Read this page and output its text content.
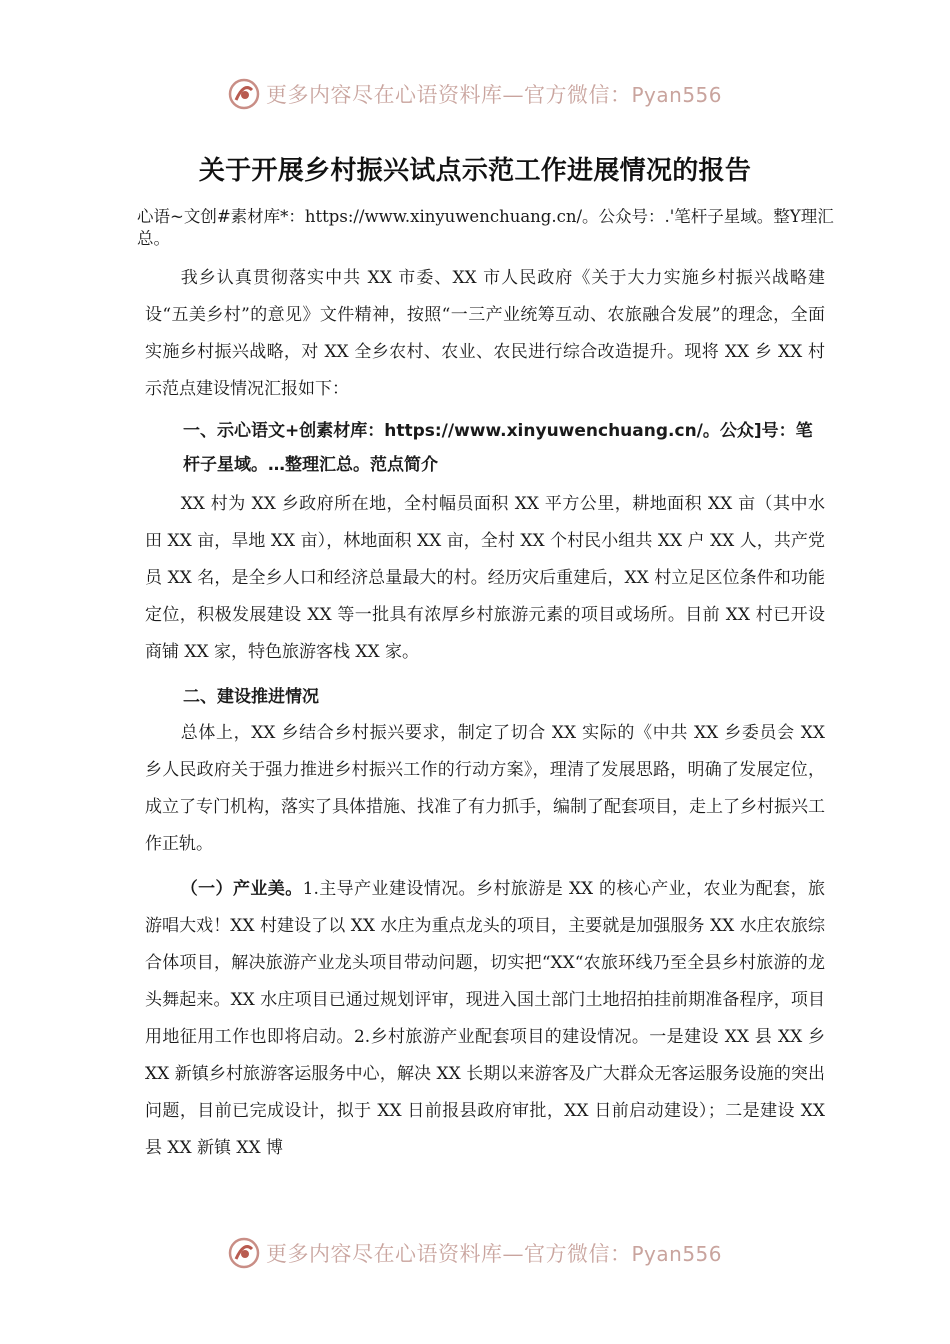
更多内容尽在心语资料库—官方微信：Pyan556
关于开展乡村振兴试点示范工作进展情况的报告
心语~文创#素材库*：https://www.xinyuwenchuang.cn/。公众号：.'笔杆子星域。整Y理汇总。

我乡认真贯彻落实中共 XX 市委、XX 市人民政府《关于大力实施乡村振兴战略建设“五美乡村”的意见》文件精神，按照“一三产业统筹互动、农旅融合发展”的理念，全面实施乡村振兴战略，对 XX 全乡农村、农业、农民进行综合改造提升。现将 XX 乡 XX 村示范点建设情况汇报如下：

一、示心语文+创素材库：https://www.xinyuwenchuang.cn/。公众]号：笔杆子星域。…整理汇总。范点简介

XX 村为 XX 乡政府所在地，全村幅员面积 XX 平方公里，耕地面积 XX 亩（其中水田 XX 亩，旱地 XX 亩），林地面积 XX 亩，全村 XX 个村民小组共 XX 户 XX 人，共产党员 XX 名，是全乡人口和经济总量最大的村。经历灾后重建后，XX 村立足区位条件和功能定位，积极发展建设 XX 等一批具有浓厚乡村旅游元素的项目或场所。目前 XX 村已开设商铺 XX 家，特色旅游客栈 XX 家。

二、建设推进情况

总体上，XX 乡结合乡村振兴要求，制定了切合 XX 实际的《中共 XX 乡委员会 XX 乡人民政府关于强力推进乡村振兴工作的行动方案》，理清了发展思路，明确了发展定位，成立了专门机构，落实了具体措施、找准了有力抓手，编制了配套项目，走上了乡村振兴工作正轨。

（一）产业美。1.主导产业建设情况。乡村旅游是 XX 的核心产业，农业为配套，旅游唱大戏！XX 村建设了以 XX 水庄为重点龙头的项目，主要就是加强服务 XX 水庄农旅综合体项目，解决旅游产业龙头项目带动问题，切实把“XX“农旅环线乃至全县乡村旅游的龙头舞起来。XX 水庄项目已通过规划评审，现进入国土部门土地招拍挂前期准备程序，项目用地征用工作也即将启动。2.乡村旅游产业配套项目的建设情况。一是建设 XX 县 XX 乡 XX 新镇乡村旅游客运服务中心，解决 XX 长期以来游客及广大群众无客运服务设施的突出问题，目前已完成设计，拟于 XX 日前报县政府审批，XX 日前启动建设）；二是建设 XX 县 XX 新镇 XX 博

更多内容尽在心语资料库—官方微信：Pyan556
